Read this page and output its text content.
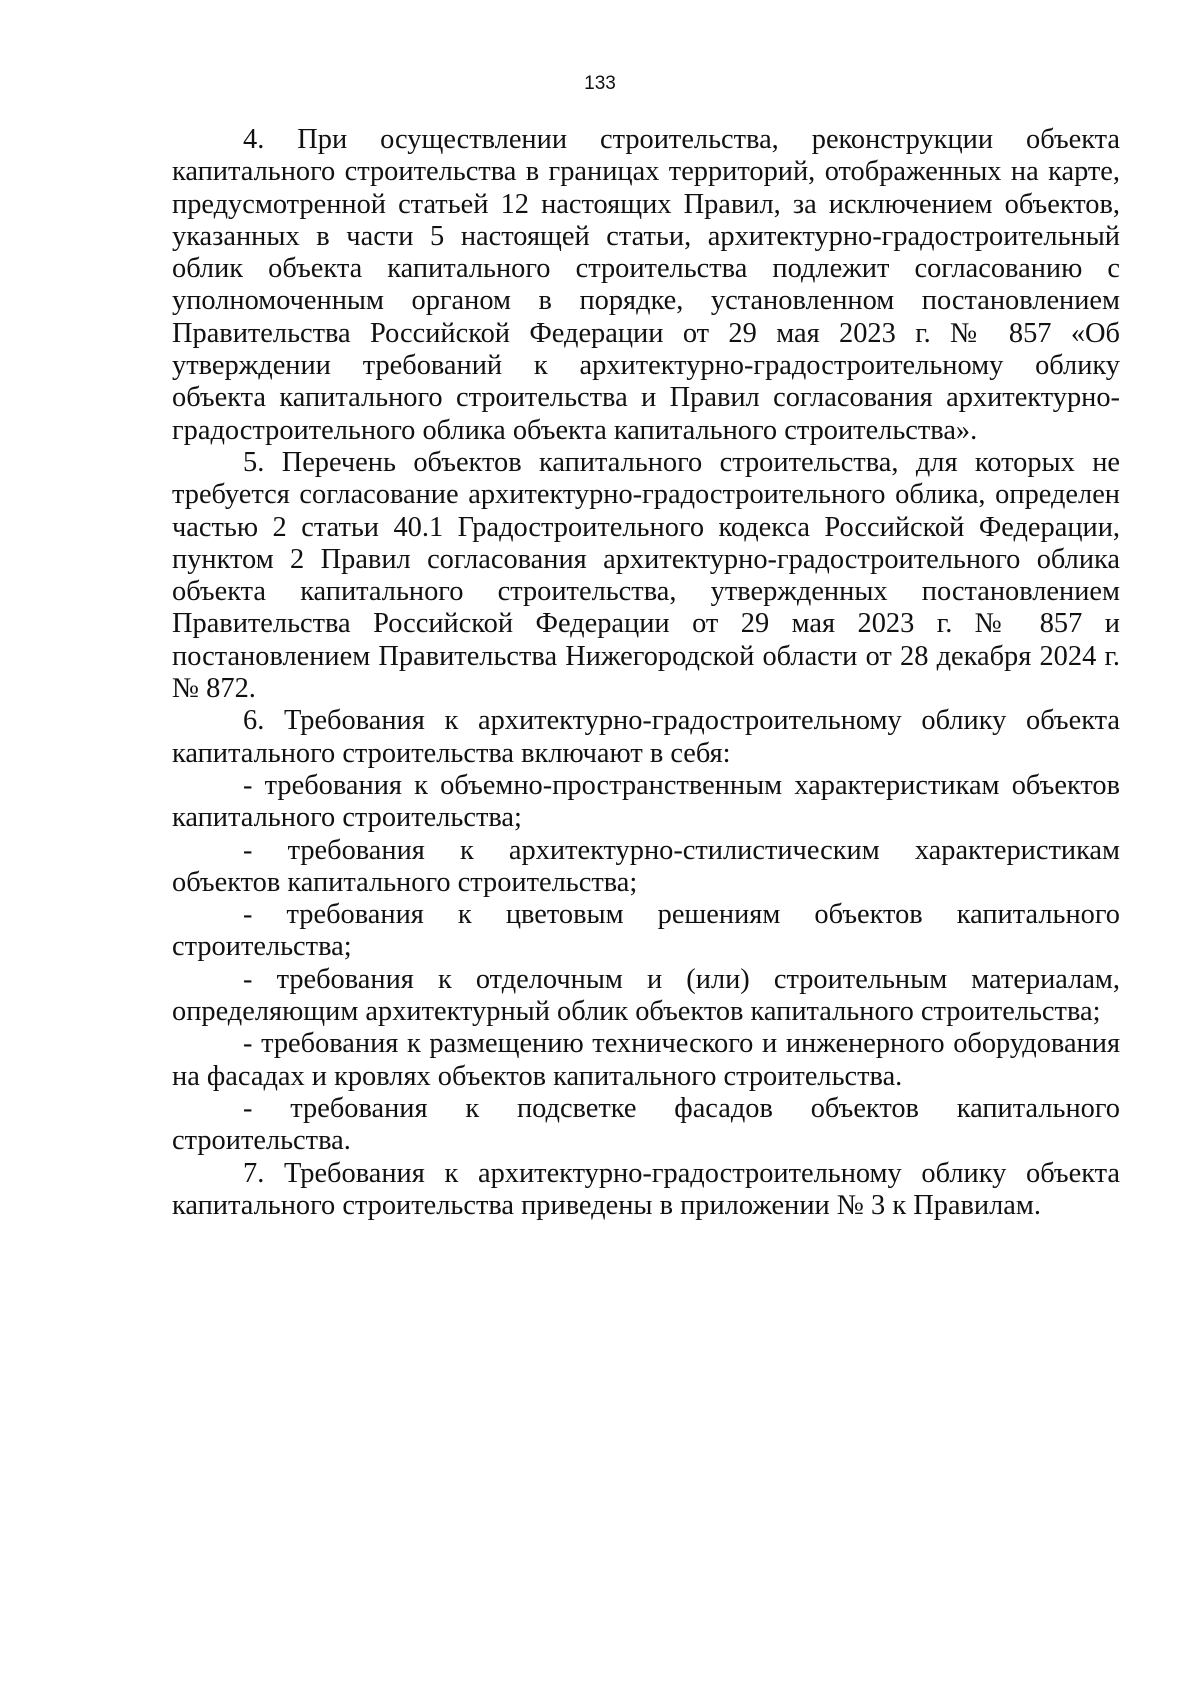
133

4. При осуществлении строительства, реконструкции объекта капитального строительства в границах территорий, отображенных на карте, предусмотренной статьей 12 настоящих Правил, за исключением объектов, указанных в части 5 настоящей статьи, архитектурно-градостроительный облик объекта капитального строительства подлежит согласованию с уполномоченным органом в порядке, установленном постановлением Правительства Российской Федерации от 29 мая 2023 г. № 857 «Об утверждении требований к архитектурно-градостроительному облику объекта капитального строительства и Правил согласования архитектурно-градостроительного облика объекта капитального строительства».

5. Перечень объектов капитального строительства, для которых не требуется согласование архитектурно-градостроительного облика, определен частью 2 статьи 40.1 Градостроительного кодекса Российской Федерации, пунктом 2 Правил согласования архитектурно-градостроительного облика объекта капитального строительства, утвержденных постановлением Правительства Российской Федерации от 29 мая 2023 г. № 857 и постановлением Правительства Нижегородской области от 28 декабря 2024 г. № 872.

6. Требования к архитектурно-градостроительному облику объекта капитального строительства включают в себя:

- требования к объемно-пространственным характеристикам объектов капитального строительства;

- требования к архитектурно-стилистическим характеристикам объектов капитального строительства;

- требования к цветовым решениям объектов капитального строительства;

- требования к отделочным и (или) строительным материалам, определяющим архитектурный облик объектов капитального строительства;

- требования к размещению технического и инженерного оборудования на фасадах и кровлях объектов капитального строительства.

- требования к подсветке фасадов объектов капитального строительства.

7. Требования к архитектурно-градостроительному облику объекта капитального строительства приведены в приложении № 3 к Правилам.
